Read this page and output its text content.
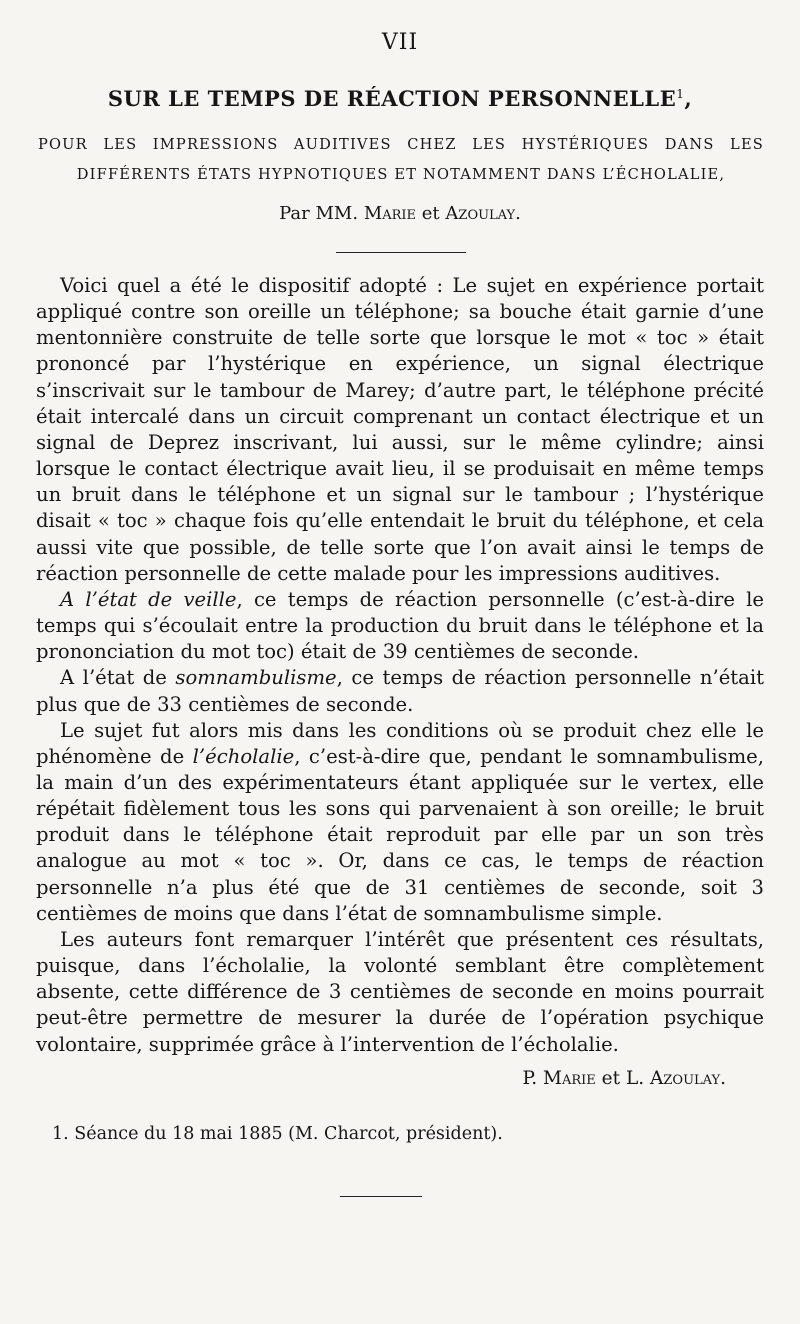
VII
SUR LE TEMPS DE RÉACTION PERSONNELLE$^1$,
POUR LES IMPRESSIONS AUDITIVES CHEZ LES HYSTÉRIQUES DANS LES
DIFFÉRENTS ÉTATS HYPNOTIQUES ET NOTAMMENT DANS L’ÉCHOLALIE,
Par MM. Marie et Azoulay.

Voici quel a été le dispositif adopté : Le sujet en expérience portait appliqué contre son oreille un téléphone; sa bouche était garnie d’une mentonnière construite de telle sorte que lorsque le mot « toc » était prononcé par l’hystérique en expérience, un signal électrique s’inscrivait sur le tambour de Marey; d’autre part, le téléphone précité était intercalé dans un circuit comprenant un contact électrique et un signal de Deprez inscrivant, lui aussi, sur le même cylindre; ainsi lorsque le contact électrique avait lieu, il se produisait en même temps un bruit dans le téléphone et un signal sur le tambour ; l’hystérique disait « toc » chaque fois qu’elle entendait le bruit du téléphone, et cela aussi vite que possible, de telle sorte que l’on avait ainsi le temps de réaction personnelle de cette malade pour les impressions auditives.

A l’état de veille, ce temps de réaction personnelle (c’est-à-dire le temps qui s’écoulait entre la production du bruit dans le téléphone et la prononciation du mot toc) était de 39 centièmes de seconde.

A l’état de somnambulisme, ce temps de réaction personnelle n’était plus que de 33 centièmes de seconde.

Le sujet fut alors mis dans les conditions où se produit chez elle le phénomène de l’écholalie, c’est-à-dire que, pendant le somnambulisme, la main d’un des expérimentateurs étant appliquée sur le vertex, elle répétait fidèlement tous les sons qui parvenaient à son oreille; le bruit produit dans le téléphone était reproduit par elle par un son très analogue au mot « toc ». Or, dans ce cas, le temps de réaction personnelle n’a plus été que de 31 centièmes de seconde, soit 3 centièmes de moins que dans l’état de somnambulisme simple.

Les auteurs font remarquer l’intérêt que présentent ces résultats, puisque, dans l’écholalie, la volonté semblant être complètement absente, cette différence de 3 centièmes de seconde en moins pourrait peut-être permettre de mesurer la durée de l’opération psychique volontaire, supprimée grâce à l’intervention de l’écholalie.

P. Marie et L. Azoulay.
1. Séance du 18 mai 1885 (M. Charcot, président).
